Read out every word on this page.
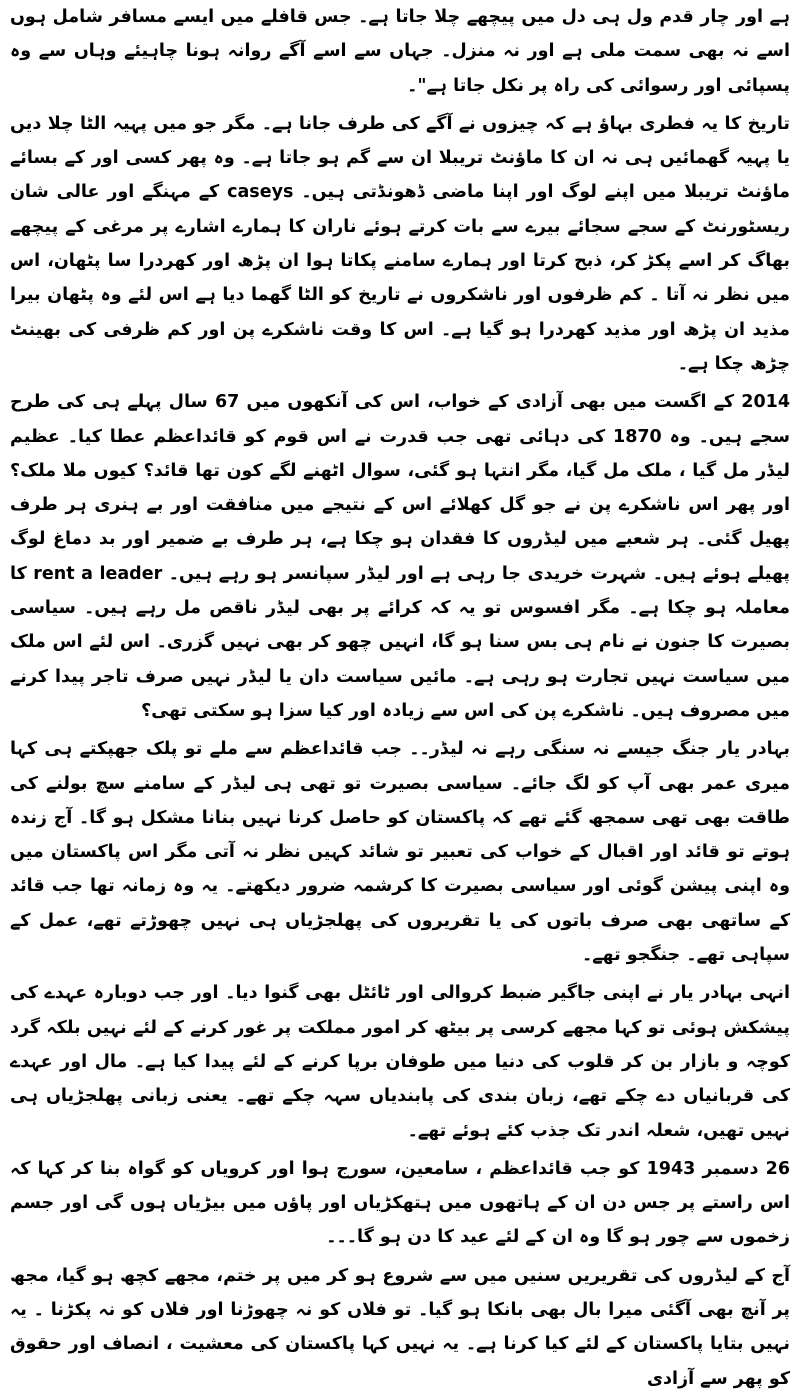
ہے اور چار قدم ول ہی دل میں پیچھے چلا جاتا ہے۔ جس قافلے میں ایسے مسافر شامل ہوں اسے نہ بھی سمت ملی ہے اور نہ منزل۔ جہاں سے اسے آگے روانہ ہونا چاہیئے وہاں سے وہ پسپائی اور رسوائی کی راہ پر نکل جاتا ہے"۔

تاریخ کا یہ فطری بہاؤ ہے کہ چیزوں نے آگے کی طرف جانا ہے۔ مگر جو میں پہیہ الٹا چلا دیں یا پہیہ گھمائیں ہی نہ ان کا ماؤنٹ تریبلا ان سے گم ہو جاتا ہے۔ وہ پھر کسی اور کے بسائے ماؤنٹ تریبلا میں اپنے لوگ اور اپنا ماضی ڈھونڈتی ہیں۔ caseys کے مہنگے اور عالی شان ریسٹورنٹ کے سجے سجائے بیرے سے بات کرتے ہوئے ناران کا ہمارے اشارے پر مرغی کے پیچھے بھاگ کر اسے پکڑ کر، ذبح کرتا اور ہمارے سامنے پکاتا ہوا ان پڑھ اور کھردرا سا پٹھان، اس میں نظر نہ آتا ۔ کم ظرفوں اور ناشکروں نے تاریخ کو الٹا گھما دیا ہے اس لئے وہ پٹھان بیرا مذید ان پڑھ اور مذید کھردرا ہو گیا ہے۔ اس کا وقت ناشکرے پن اور کم ظرفی کی بھینٹ چڑھ چکا ہے۔

2014 کے اگست میں بھی آزادی کے خواب، اس کی آنکھوں میں 67 سال پہلے ہی کی طرح سجے ہیں۔ وہ 1870 کی دہائی تھی جب قدرت نے اس قوم کو قائداعظم عطا کیا۔ عظیم لیڈر مل گیا ، ملک مل گیا، مگر انتہا ہو گئی، سوال اٹھنے لگے کون تھا قائد؟ کیوں ملا ملک؟ اور پھر اس ناشکرے پن نے جو گل کھلائے اس کے نتیجے میں منافقت اور بے ہنری ہر طرف پھیل گئی۔ ہر شعبے میں لیڈروں کا فقدان ہو چکا ہے، ہر طرف بے ضمیر اور بد دماغ لوگ پھیلے ہوئے ہیں۔ شہرت خریدی جا رہی ہے اور لیڈر سپانسر ہو رہے ہیں۔ rent a leader کا معاملہ ہو چکا ہے۔ مگر افسوس تو یہ کہ کرائے پر بھی لیڈر ناقص مل رہے ہیں۔ سیاسی بصیرت کا جنون نے نام ہی بس سنا ہو گا، انہیں چھو کر بھی نہیں گزری۔ اس لئے اس ملک میں سیاست نہیں تجارت ہو رہی ہے۔ مائیں سیاست دان یا لیڈر نہیں صرف تاجر پیدا کرنے میں مصروف ہیں۔ ناشکرے پن کی اس سے زیادہ اور کیا سزا ہو سکتی تھی؟

بہادر یار جنگ جیسے نہ سنگی رہے نہ لیڈر۔۔ جب قائداعظم سے ملے تو پلک جھپکتے ہی کہا میری عمر بھی آپ کو لگ جائے۔ سیاسی بصیرت تو تھی ہی لیڈر کے سامنے سچ بولنے کی طاقت بھی تھی سمجھ گئے تھے کہ پاکستان کو حاصل کرنا نہیں بنانا مشکل ہو گا۔ آج زندہ ہوتے تو قائد اور اقبال کے خواب کی تعبیر تو شائد کہیں نظر نہ آتی مگر اس پاکستان میں وہ اپنی پیشن گوئی اور سیاسی بصیرت کا کرشمہ ضرور دیکھتے۔ یہ وہ زمانہ تھا جب قائد کے ساتھی بھی صرف باتوں کی یا تقریروں کی پھلجڑیاں ہی نہیں چھوڑتے تھے، عمل کے سپاہی تھے۔ جنگجو تھے۔

انہی بہادر یار نے اپنی جاگیر ضبط کروالی اور ٹائٹل بھی گنوا دیا۔ اور جب دوبارہ عہدے کی پیشکش ہوئی تو کہا مجھے کرسی پر بیٹھ کر امور مملکت پر غور کرنے کے لئے نہیں بلکہ گرد کوچہ و بازار بن کر قلوب کی دنیا میں طوفان برپا کرنے کے لئے پیدا کیا ہے۔ مال اور عہدے کی قربانیاں دے چکے تھے، زبان بندی کی پابندیاں سہہ چکے تھے۔ یعنی زبانی پھلجڑیاں ہی نہیں تھیں، شعلہ اندر تک جذب کئے ہوئے تھے۔

26 دسمبر 1943 کو جب قائداعظم ، سامعین، سورج ہوا اور کرویاں کو گواہ بنا کر کہا کہ اس راستے پر جس دن ان کے ہاتھوں میں ہتھکڑیاں اور پاؤں میں بیڑیاں ہوں گی اور جسم زخموں سے چور ہو گا وہ ان کے لئے عید کا دن ہو گا۔۔۔

آج کے لیڈروں کی تقریریں سنیں میں سے شروع ہو کر میں پر ختم، مجھے کچھ ہو گیا، مجھ پر آنچ بھی آگئی میرا بال بھی بانکا ہو گیا۔ تو فلاں کو نہ چھوڑنا اور فلاں کو نہ پکڑنا ۔ یہ نہیں بتایا پاکستان کے لئے کیا کرنا ہے۔ یہ نہیں کہا پاکستان کی معشیت ، انصاف اور حقوق کو پھر سے آزادی
